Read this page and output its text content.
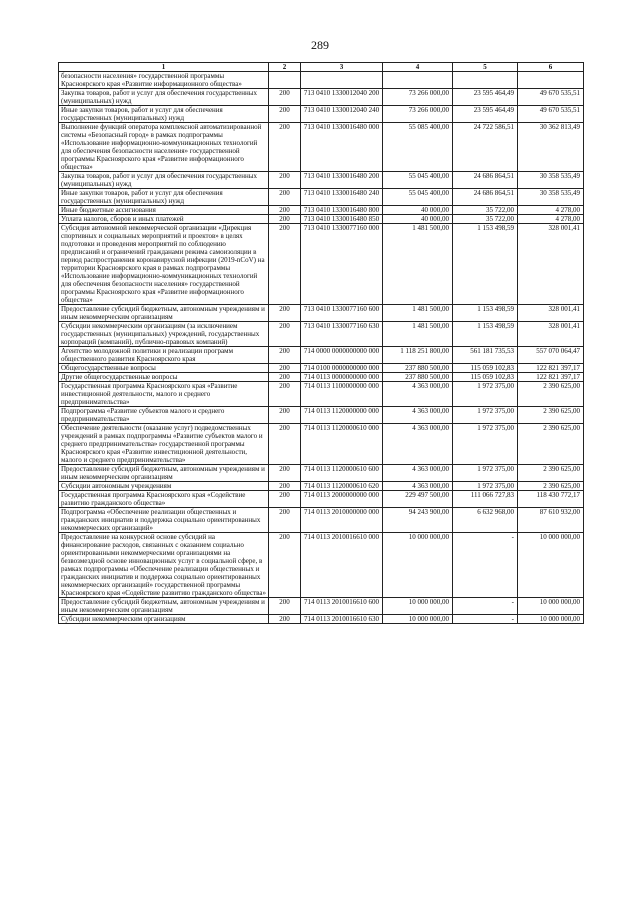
289
1	2	3	4	5	6
безопасности населения» государственной программы Красноярского края «Развитие информационного общества»					
Закупка товаров, работ и услуг для обеспечения государственных (муниципальных) нужд	200	713 0410 1330012040 200	73 266 000,00	23 595 464,49	49 670 535,51
Иные закупки товаров, работ и услуг для обеспечения государственных (муниципальных) нужд	200	713 0410 1330012040 240	73 266 000,00	23 595 464,49	49 670 535,51
Выполнение функций оператора комплексной автоматизированной системы «Безопасный город» в рамках подпрограммы «Использование информационно-коммуникационных технологий для обеспечения безопасности населения» государственной программы Красноярского края «Развитие информационного общества»	200	713 0410 1330016480 000	55 085 400,00	24 722 586,51	30 362 813,49
Закупка товаров, работ и услуг для обеспечения государственных (муниципальных) нужд	200	713 0410 1330016480 200	55 045 400,00	24 686 864,51	30 358 535,49
Иные закупки товаров, работ и услуг для обеспечения государственных (муниципальных) нужд	200	713 0410 1330016480 240	55 045 400,00	24 686 864,51	30 358 535,49
Иные бюджетные ассигнования	200	713 0410 1330016480 800	40 000,00	35 722,00	4 278,00
Уплата налогов, сборов и иных платежей	200	713 0410 1330016480 850	40 000,00	35 722,00	4 278,00
Субсидия автономной некоммерческой организации «Дирекция спортивных и социальных мероприятий и проектов» в целях подготовки и проведения мероприятий по соблюдению предписаний и ограничений гражданами режима самоизоляции в период распространения коронавирусной инфекции (2019-nCoV) на территории Красноярского края в рамках подпрограммы «Использование информационно-коммуникационных технологий для обеспечения безопасности населения» государственной программы Красноярского края «Развитие информационного общества»	200	713 0410 1330077160 000	1 481 500,00	1 153 498,59	328 001,41
Предоставление субсидий бюджетным, автономным учреждениям и иным некоммерческим организациям	200	713 0410 1330077160 600	1 481 500,00	1 153 498,59	328 001,41
Субсидии некоммерческим организациям (за исключением государственных (муниципальных) учреждений, государственных корпораций (компаний), публично-правовых компаний)	200	713 0410 1330077160 630	1 481 500,00	1 153 498,59	328 001,41
Агентство молодежной политики и реализации программ общественного развития Красноярского края	200	714 0000 0000000000 000	1 118 251 800,00	561 181 735,53	557 070 064,47
Общегосударственные вопросы	200	714 0100 0000000000 000	237 880 500,00	115 059 102,83	122 821 397,17
Другие общегосударственные вопросы	200	714 0113 0000000000 000	237 880 500,00	115 059 102,83	122 821 397,17
Государственная программа Красноярского края «Развитие инвестиционной деятельности, малого и среднего предпринимательства»	200	714 0113 1100000000 000	4 363 000,00	1 972 375,00	2 390 625,00
Подпрограмма «Развитие субъектов малого и среднего предпринимательства»	200	714 0113 1120000000 000	4 363 000,00	1 972 375,00	2 390 625,00
Обеспечение деятельности (оказание услуг) подведомственных учреждений в рамках подпрограммы «Развитие субъектов малого и среднего предпринимательства» государственной программы Красноярского края «Развитие инвестиционной деятельности, малого и среднего предпринимательства»	200	714 0113 1120000610 000	4 363 000,00	1 972 375,00	2 390 625,00
Предоставление субсидий бюджетным, автономным учреждениям и иным некоммерческим организациям	200	714 0113 1120000610 600	4 363 000,00	1 972 375,00	2 390 625,00
Субсидии автономным учреждениям	200	714 0113 1120000610 620	4 363 000,00	1 972 375,00	2 390 625,00
Государственная программа Красноярского края «Содействие развитию гражданского общества»	200	714 0113 2000000000 000	229 497 500,00	111 066 727,83	118 430 772,17
Подпрограмма «Обеспечение реализации общественных и гражданских инициатив и поддержка социально ориентированных некоммерческих организаций»	200	714 0113 2010000000 000	94 243 900,00	6 632 968,00	87 610 932,00
Предоставление на конкурсной основе субсидий на финансирование расходов, связанных с оказанием социально ориентированными некоммерческими организациями на безвозмездной основе инновационных услуг в социальной сфере, в рамках подпрограммы «Обеспечение реализации общественных и гражданских инициатив и поддержка социально ориентированных некоммерческих организаций» государственной программы Красноярского края «Содействие развитию гражданского общества»	200	714 0113 2010016610 000	10 000 000,00	-	10 000 000,00
Предоставление субсидий бюджетным, автономным учреждениям и иным некоммерческим организациям	200	714 0113 2010016610 600	10 000 000,00	-	10 000 000,00
Субсидии некоммерческим организациям	200	714 0113 2010016610 630	10 000 000,00	-	10 000 000,00
